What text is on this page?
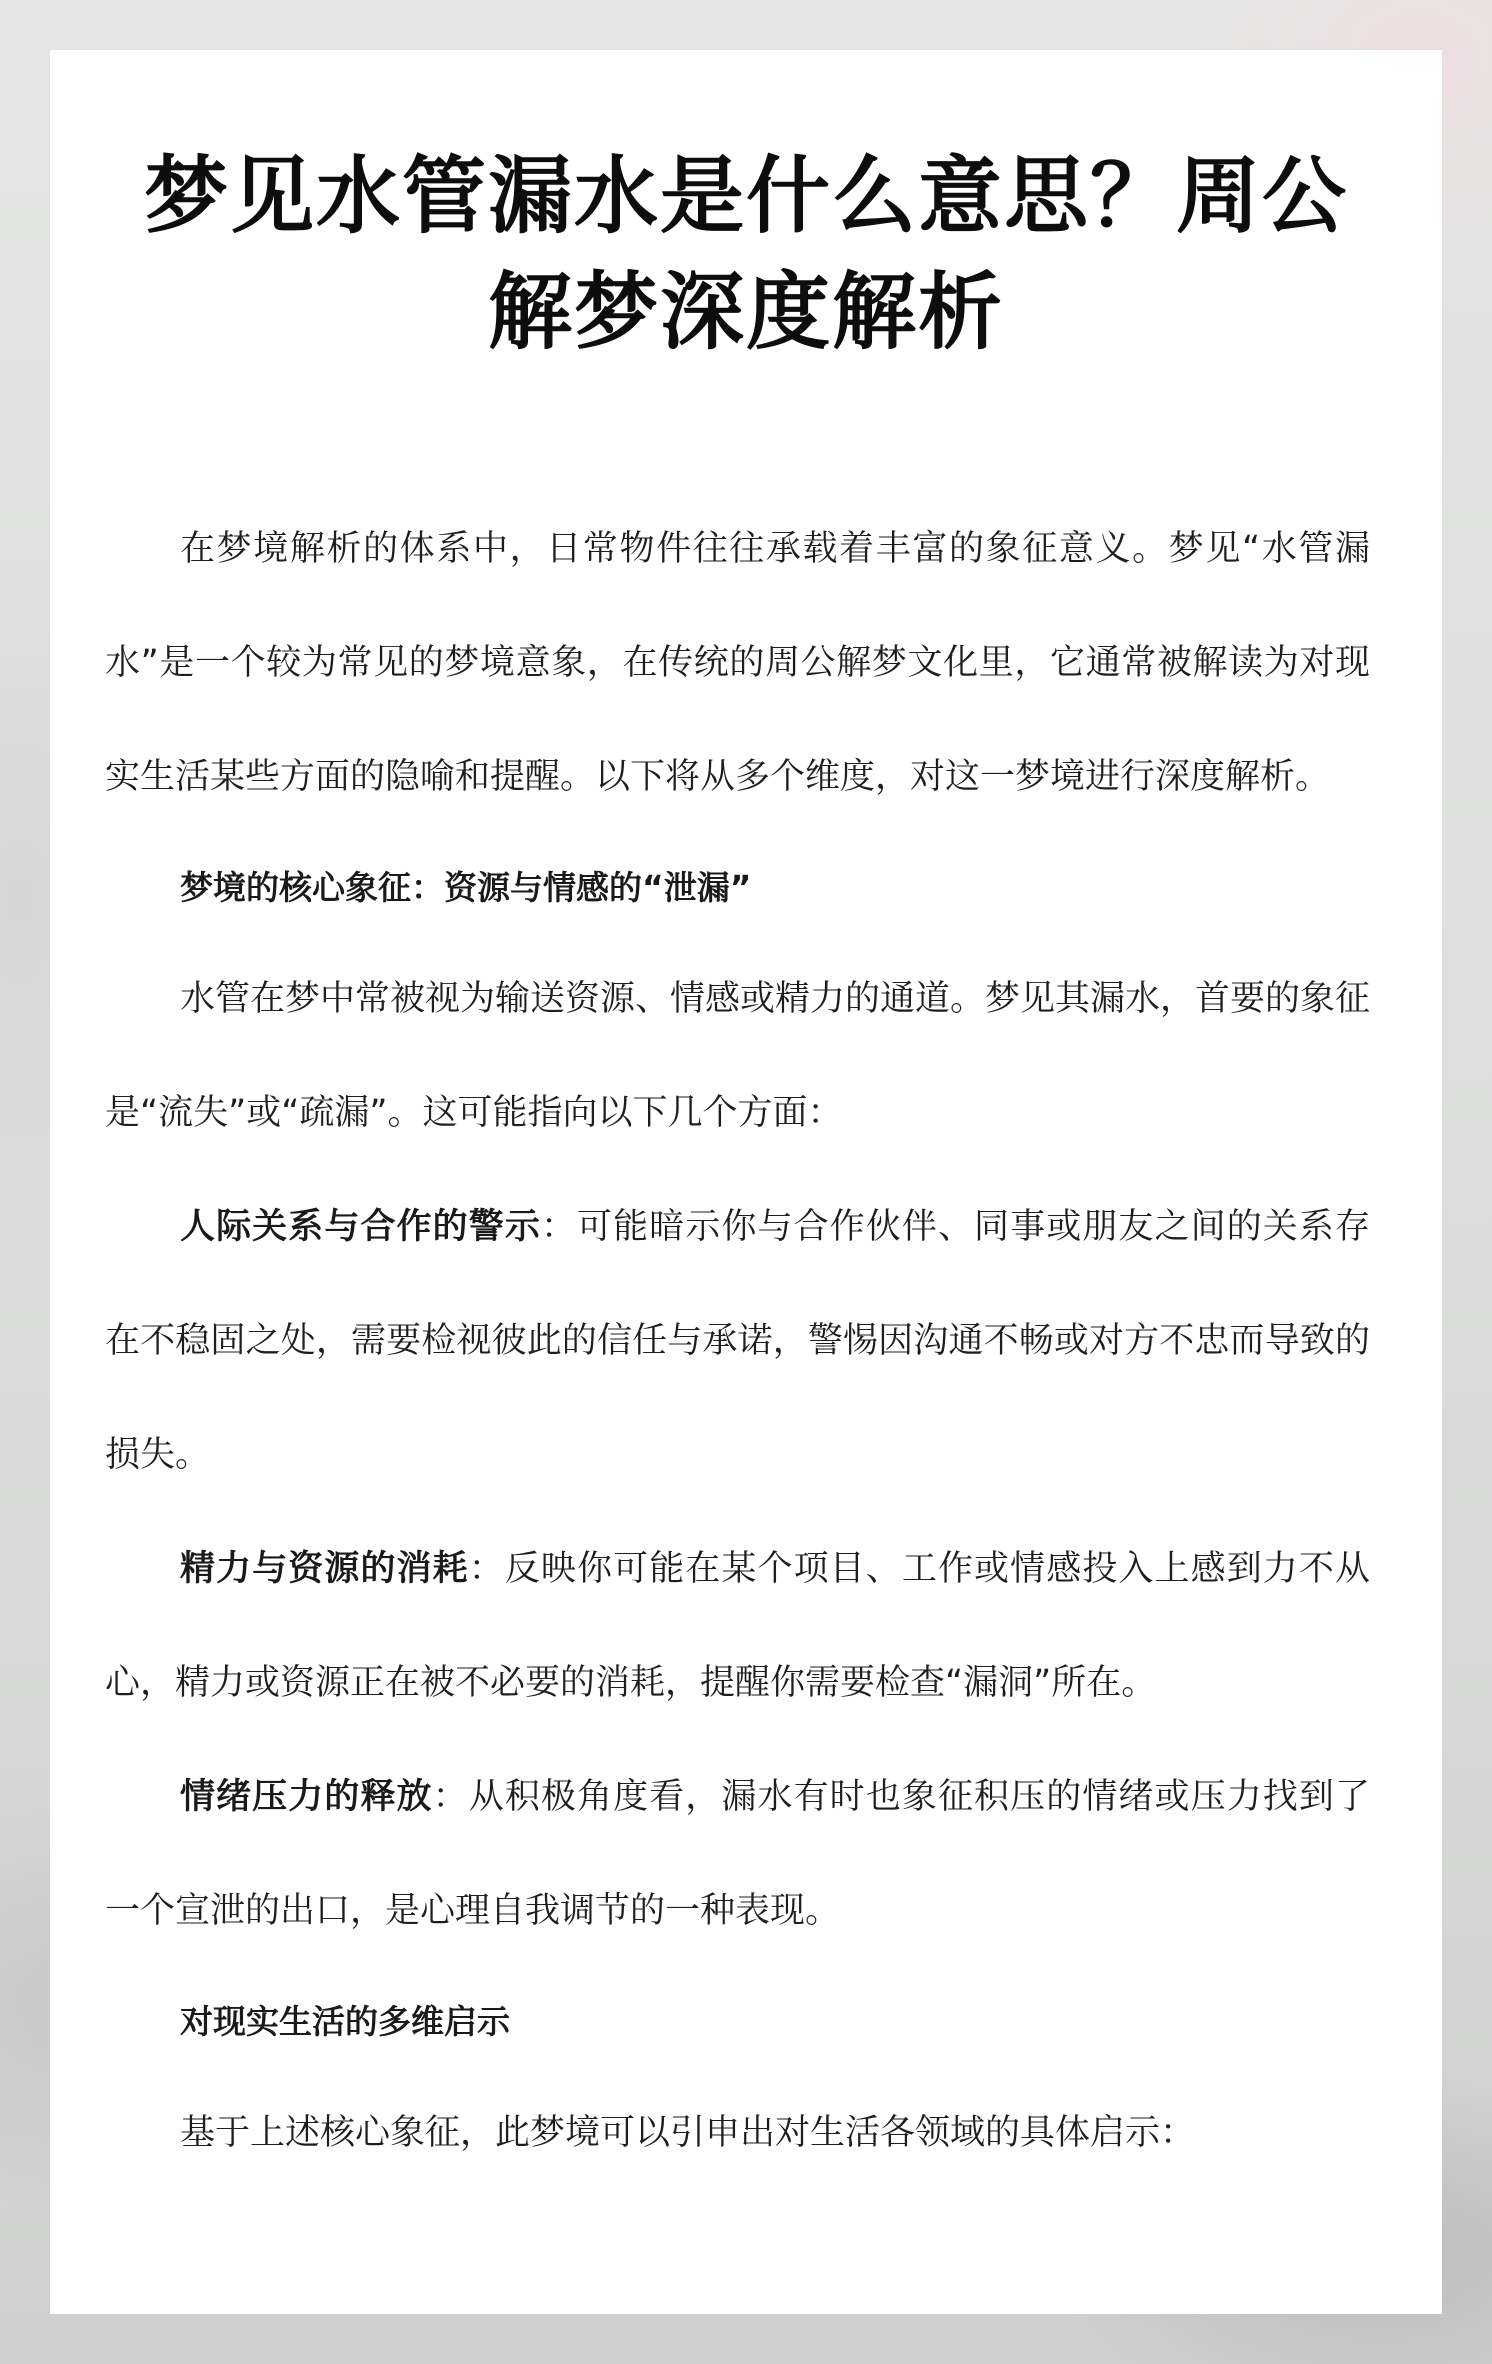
梦见水管漏水是什么意思？周公解梦深度解析

在梦境解析的体系中，日常物件往往承载着丰富的象征意义。梦见“水管漏水”是一个较为常见的梦境意象，在传统的周公解梦文化里，它通常被解读为对现实生活某些方面的隐喻和提醒。以下将从多个维度，对这一梦境进行深度解析。

梦境的核心象征：资源与情感的“泄漏”

水管在梦中常被视为输送资源、情感或精力的通道。梦见其漏水，首要的象征是“流失”或“疏漏”。这可能指向以下几个方面：

人际关系与合作的警示：可能暗示你与合作伙伴、同事或朋友之间的关系存在不稳固之处，需要检视彼此的信任与承诺，警惕因沟通不畅或对方不忠而导致的损失。

精力与资源的消耗：反映你可能在某个项目、工作或情感投入上感到力不从心，精力或资源正在被不必要的消耗，提醒你需要检查“漏洞”所在。

情绪压力的释放：从积极角度看，漏水有时也象征积压的情绪或压力找到了一个宣泄的出口，是心理自我调节的一种表现。

对现实生活的多维启示

基于上述核心象征，此梦境可以引申出对生活各领域的具体启示：
